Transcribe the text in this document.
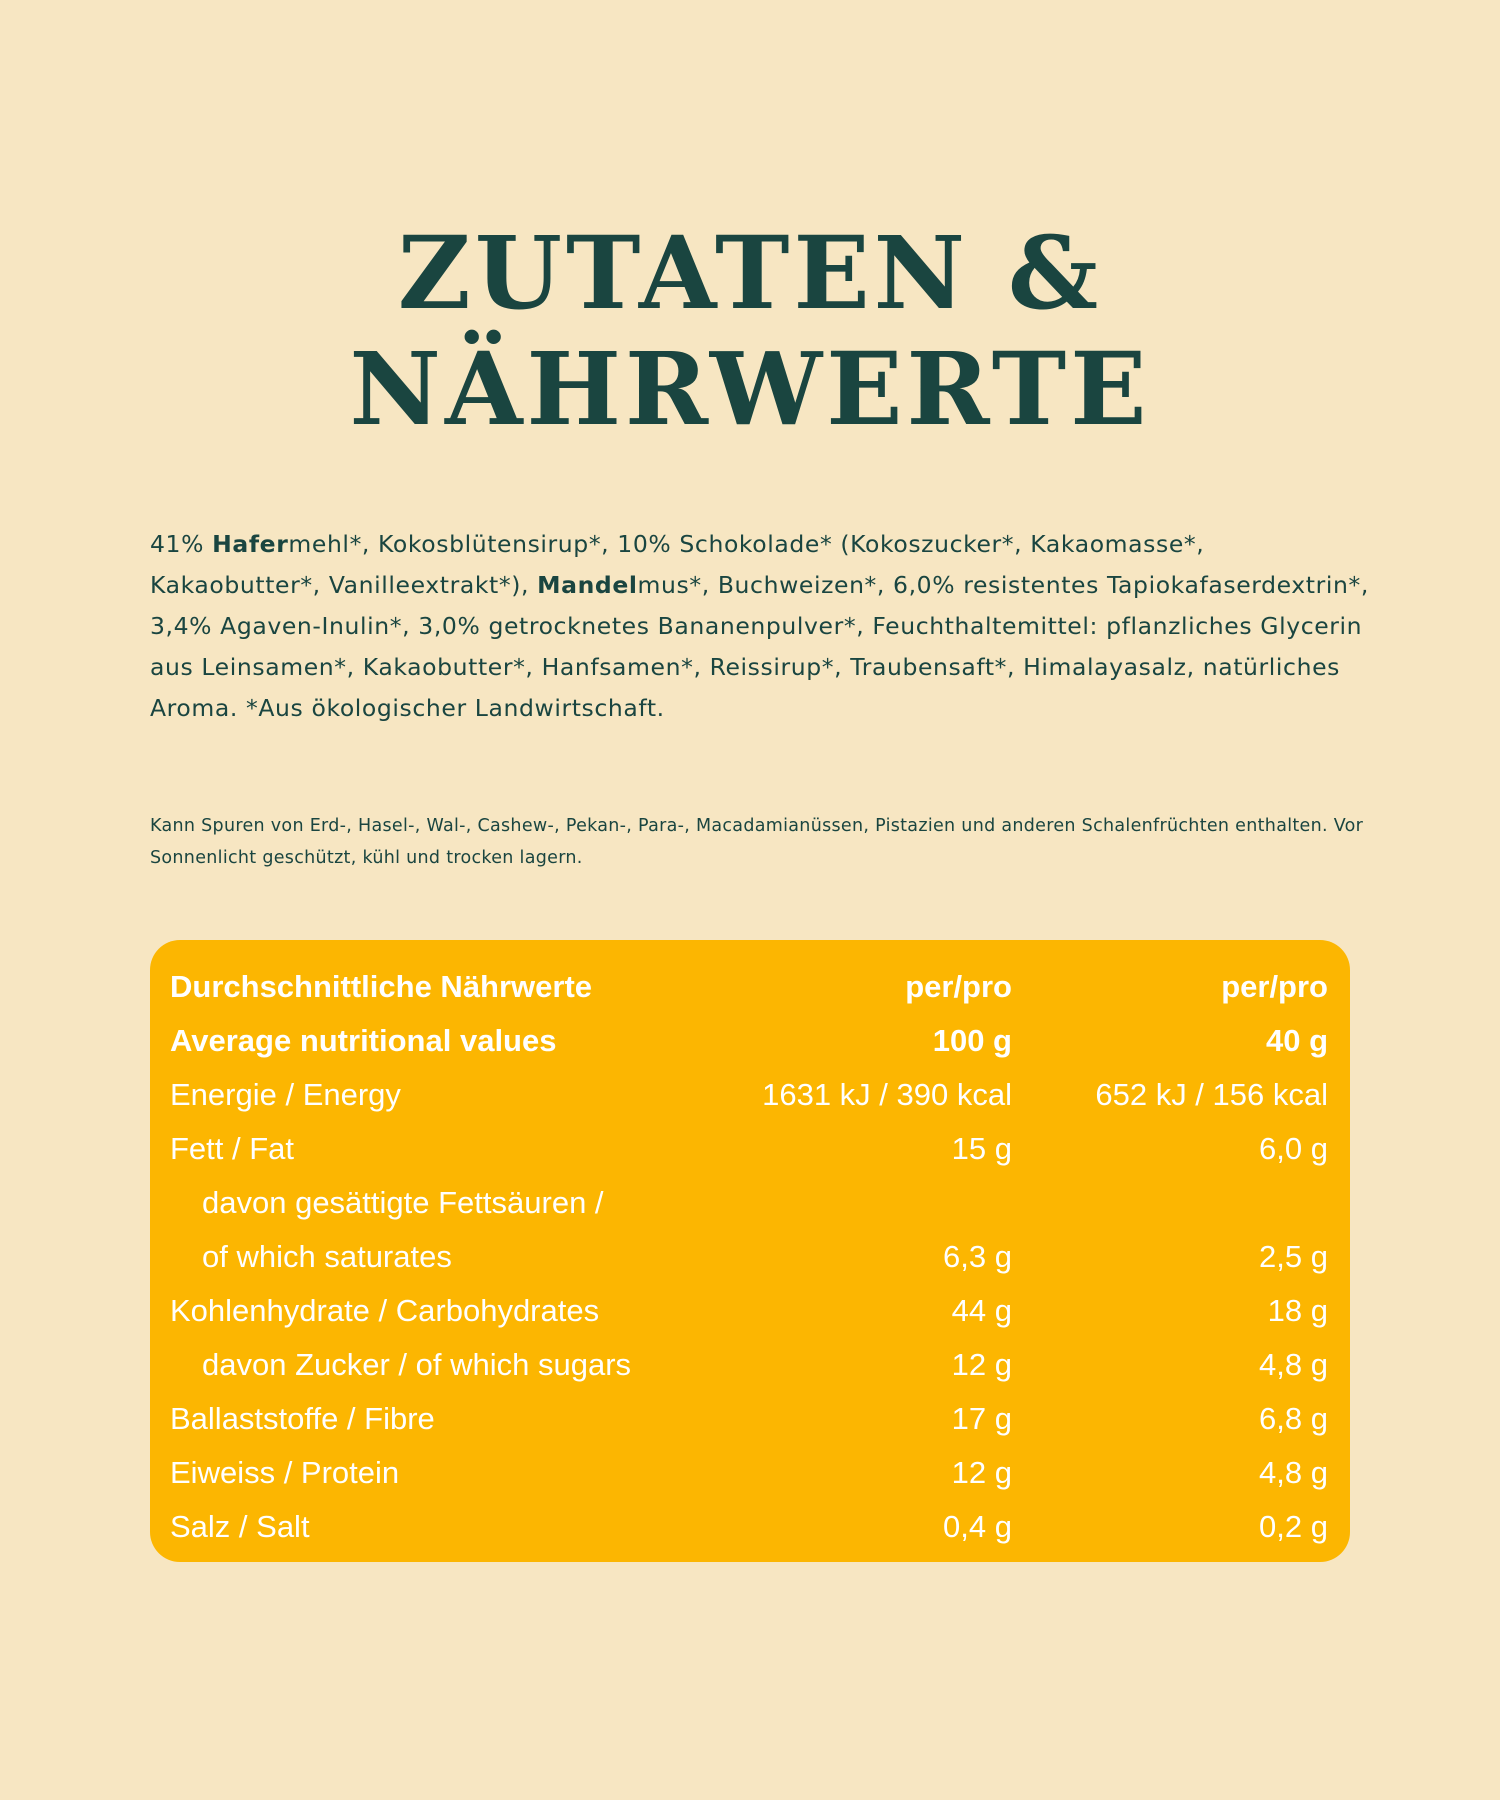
ZUTATEN &
NÄHRWERTE

41% Hafermehl*, Kokosblütensirup*, 10% Schokolade* (Kokoszucker*, Kakaomasse*, Kakaobutter*, Vanilleextrakt*), Mandelmus*, Buchweizen*, 6,0% resistentes Tapiokafaserdextrin*, 3,4% Agaven-Inulin*, 3,0% getrocknetes Bananenpulver*, Feuchthaltemittel: pflanzliches Glycerin aus Leinsamen*, Kakaobutter*, Hanfsamen*, Reissirup*, Traubensaft*, Himalayasalz, natürliches Aroma. *Aus ökologischer Landwirtschaft.

Kann Spuren von Erd-, Hasel-, Wal-, Cashew-, Pekan-, Para-, Macadamianüssen, Pistazien und anderen Schalenfrüchten enthalten. Vor Sonnenlicht geschützt, kühl und trocken lagern.

Durchschnittliche Nährwerte	per/pro	per/pro
Average nutritional values	100 g	40 g
Energie / Energy	1631 kJ / 390 kcal	652 kJ / 156 kcal
Fett / Fat	15 g	6,0 g
davon gesättigte Fettsäuren /
of which saturates	6,3 g	2,5 g
Kohlenhydrate / Carbohydrates	44 g	18 g
davon Zucker / of which sugars	12 g	4,8 g
Ballaststoffe / Fibre	17 g	6,8 g
Eiweiss / Protein	12 g	4,8 g
Salz / Salt	0,4 g	0,2 g
